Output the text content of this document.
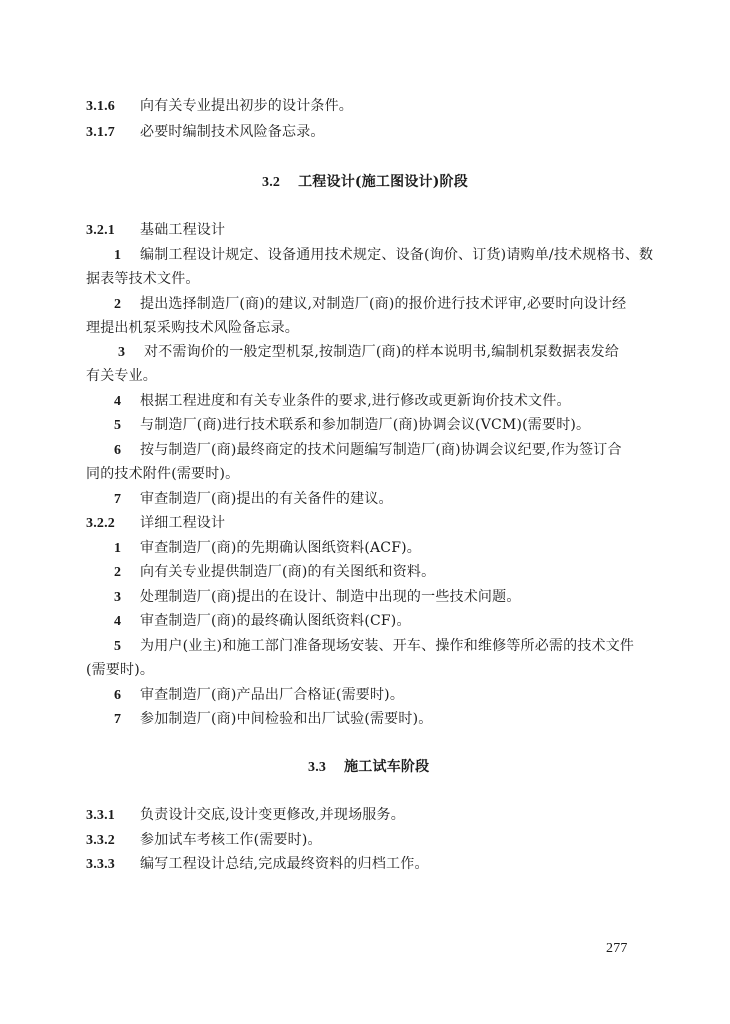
3.1.6 向有关专业提出初步的设计条件。
3.1.7 必要时编制技术风险备忘录。
3.2 工程设计(施工图设计)阶段
3.2.1 基础工程设计
1 编制工程设计规定、设备通用技术规定、设备(询价、订货)请购单/技术规格书、数
据表等技术文件。
2 提出选择制造厂(商)的建议,对制造厂(商)的报价进行技术评审,必要时向设计经
理提出机泵采购技术风险备忘录。
3 对不需询价的一般定型机泵,按制造厂(商)的样本说明书,编制机泵数据表发给
有关专业。
4 根据工程进度和有关专业条件的要求,进行修改或更新询价技术文件。
5 与制造厂(商)进行技术联系和参加制造厂(商)协调会议(VCM)(需要时)。
6 按与制造厂(商)最终商定的技术问题编写制造厂(商)协调会议纪要,作为签订合
同的技术附件(需要时)。
7 审查制造厂(商)提出的有关备件的建议。
3.2.2 详细工程设计
1 审查制造厂(商)的先期确认图纸资料(ACF)。
2 向有关专业提供制造厂(商)的有关图纸和资料。
3 处理制造厂(商)提出的在设计、制造中出现的一些技术问题。
4 审查制造厂(商)的最终确认图纸资料(CF)。
5 为用户(业主)和施工部门准备现场安装、开车、操作和维修等所必需的技术文件
(需要时)。
6 审查制造厂(商)产品出厂合格证(需要时)。
7 参加制造厂(商)中间检验和出厂试验(需要时)。
3.3 施工试车阶段
3.3.1 负责设计交底,设计变更修改,并现场服务。
3.3.2 参加试车考核工作(需要时)。
3.3.3 编写工程设计总结,完成最终资料的归档工作。
277
